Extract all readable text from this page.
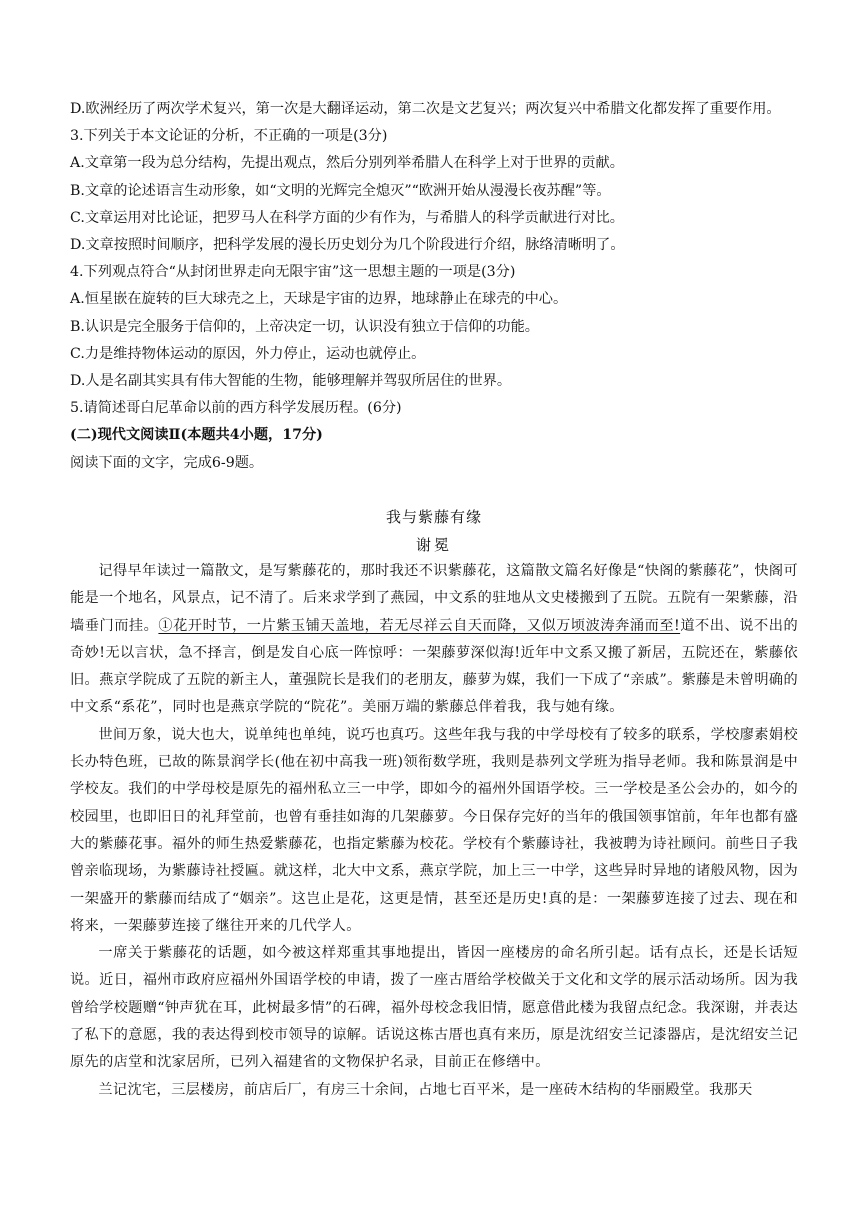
D.欧洲经历了两次学术复兴，第一次是大翻译运动，第二次是文艺复兴；两次复兴中希腊文化都发挥了重要作用。

3.下列关于本文论证的分析，不正确的一项是(3分)

A.文章第一段为总分结构，先提出观点，然后分别列举希腊人在科学上对于世界的贡献。

B.文章的论述语言生动形象，如“文明的光辉完全熄灭”“欧洲开始从漫漫长夜苏醒”等。

C.文章运用对比论证，把罗马人在科学方面的少有作为，与希腊人的科学贡献进行对比。

D.文章按照时间顺序，把科学发展的漫长历史划分为几个阶段进行介绍，脉络清晰明了。

4.下列观点符合“从封闭世界走向无限宇宙”这一思想主题的一项是(3分)

A.恒星嵌在旋转的巨大球壳之上，天球是宇宙的边界，地球静止在球壳的中心。

B.认识是完全服务于信仰的，上帝决定一切，认识没有独立于信仰的功能。

C.力是维持物体运动的原因，外力停止，运动也就停止。

D.人是名副其实具有伟大智能的生物，能够理解并驾驭所居住的世界。

5.请简述哥白尼革命以前的西方科学发展历程。(6分)

(二)现代文阅读Ⅱ(本题共4小题，17分)

阅读下面的文字，完成6-9题。

我与紫藤有缘
谢冕

记得早年读过一篇散文，是写紫藤花的，那时我还不识紫藤花，这篇散文篇名好像是“快阁的紫藤花”，快阁可能是一个地名，风景点，记不清了。后来求学到了燕园，中文系的驻地从文史楼搬到了五院。五院有一架紫藤，沿墙垂门而挂。①花开时节，一片紫玉铺天盖地，若无尽祥云自天而降，又似万顷波涛奔涌而至!道不出、说不出的奇妙!无以言状，急不择言，倒是发自心底一阵惊呼：一架藤萝深似海!近年中文系又搬了新居，五院还在，紫藤依旧。燕京学院成了五院的新主人，董强院长是我们的老朋友，藤萝为媒，我们一下成了“亲戚”。紫藤是未曾明确的中文系“系花”，同时也是燕京学院的“院花”。美丽万端的紫藤总伴着我，我与她有缘。

世间万象，说大也大，说单纯也单纯，说巧也真巧。这些年我与我的中学母校有了较多的联系，学校廖素娟校长办特色班，已故的陈景润学长(他在初中高我一班)领衔数学班，我则是恭列文学班为指导老师。我和陈景润是中学校友。我们的中学母校是原先的福州私立三一中学，即如今的福州外国语学校。三一学校是圣公会办的，如今的校园里，也即旧日的礼拜堂前，也曾有垂挂如海的几架藤萝。今日保存完好的当年的俄国领事馆前，年年也都有盛大的紫藤花事。福外的师生热爱紫藤花，也指定紫藤为校花。学校有个紫藤诗社，我被聘为诗社顾问。前些日子我曾亲临现场，为紫藤诗社授匾。就这样，北大中文系，燕京学院，加上三一中学，这些异时异地的诸般风物，因为一架盛开的紫藤而结成了“姻亲”。这岂止是花，这更是情，甚至还是历史!真的是：一架藤萝连接了过去、现在和将来，一架藤萝连接了继往开来的几代学人。

一席关于紫藤花的话题，如今被这样郑重其事地提出，皆因一座楼房的命名所引起。话有点长，还是长话短说。近日，福州市政府应福州外国语学校的申请，拨了一座古厝给学校做关于文化和文学的展示活动场所。因为我曾给学校题赠“钟声犹在耳，此树最多情”的石碑，福外母校念我旧情，愿意借此楼为我留点纪念。我深谢，并表达了私下的意愿，我的表达得到校市领导的谅解。话说这栋古厝也真有来历，原是沈绍安兰记漆器店，是沈绍安兰记原先的店堂和沈家居所，已列入福建省的文物保护名录，目前正在修缮中。

兰记沈宅，三层楼房，前店后厂，有房三十余间，占地七百平米，是一座砖木结构的华丽殿堂。我那天
